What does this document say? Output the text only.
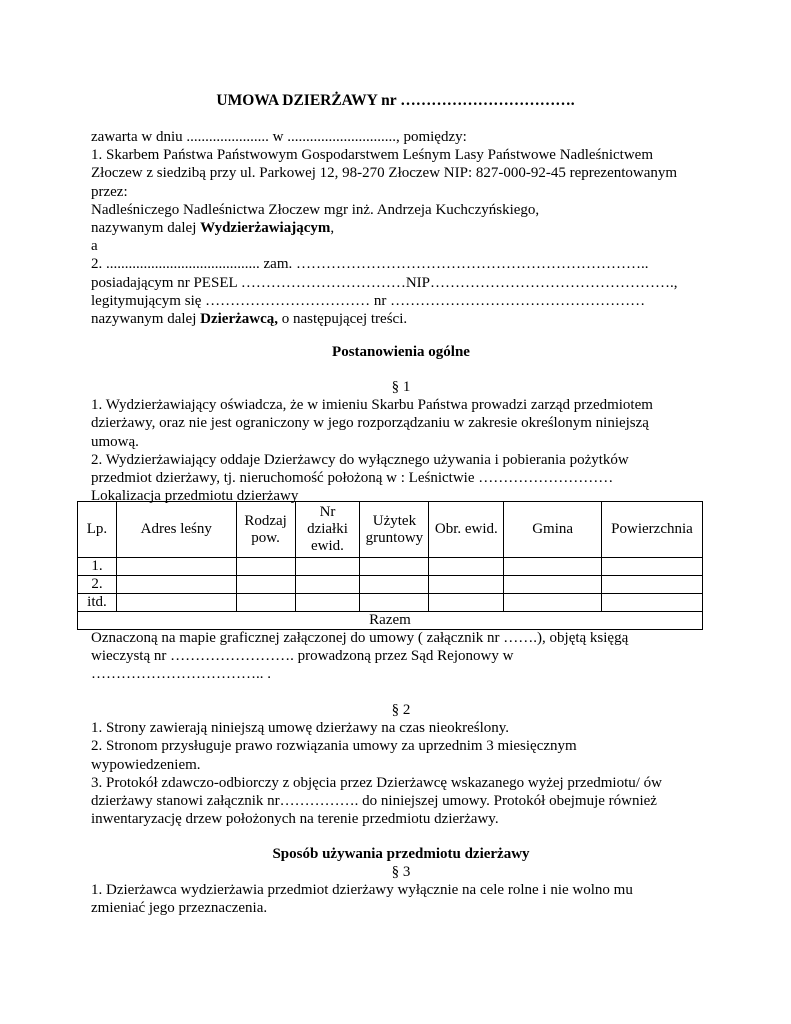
UMOWA DZIERŻAWY nr …………………………….

zawarta w dniu ...................... w ............................., pomiędzy:

1. Skarbem Państwa Państwowym Gospodarstwem Leśnym Lasy Państwowe Nadleśnictwem

Złoczew z siedzibą przy ul. Parkowej 12, 98-270 Złoczew NIP: 827-000-92-45 reprezentowanym

przez:

Nadleśniczego Nadleśnictwa Złoczew mgr inż. Andrzeja Kuchczyńskiego,

nazywanym dalej Wydzierżawiającym,

a

2. ......................................... zam. ……………………………………………………………..

posiadającym nr PESEL ……………………………NIP………………………………………….,

legitymującym się …………………………… nr ……………………………………………

nazywanym dalej Dzierżawcą, o następującej treści.

Postanowienia ogólne

§ 1

1. Wydzierżawiający oświadcza, że w imieniu Skarbu Państwa prowadzi zarząd przedmiotem

dzierżawy, oraz nie jest ograniczony w jego rozporządzaniu w zakresie określonym niniejszą

umową.

2. Wydzierżawiający oddaje Dzierżawcy do wyłącznego używania i pobierania pożytków

przedmiot dzierżawy, tj. nieruchomość położoną w : Leśnictwie ………………………

Lokalizacja przedmiotu dzierżawy

Lp.	Adres leśny	Rodzaj pow.	Nr działki ewid.	Użytek gruntowy	Obr. ewid.	Gmina	Powierzchnia
1.							
2.							
itd.							
Razem							

Oznaczoną na mapie graficznej załączonej do umowy ( załącznik nr …….), objętą księgą

wieczystą nr ……………………. prowadzoną przez Sąd Rejonowy w

…………………………….. .

§ 2

1. Strony zawierają niniejszą umowę dzierżawy na czas nieokreślony.

2. Stronom przysługuje prawo rozwiązania umowy za uprzednim 3 miesięcznym

wypowiedzeniem.

3. Protokół zdawczo-odbiorczy z objęcia przez Dzierżawcę wskazanego wyżej przedmiotu/ ów

dzierżawy stanowi załącznik nr……………. do niniejszej umowy. Protokół obejmuje również

inwentaryzację drzew położonych na terenie przedmiotu dzierżawy.

Sposób używania przedmiotu dzierżawy

§ 3

1. Dzierżawca wydzierżawia przedmiot dzierżawy wyłącznie na cele rolne i nie wolno mu

zmieniać jego przeznaczenia.
